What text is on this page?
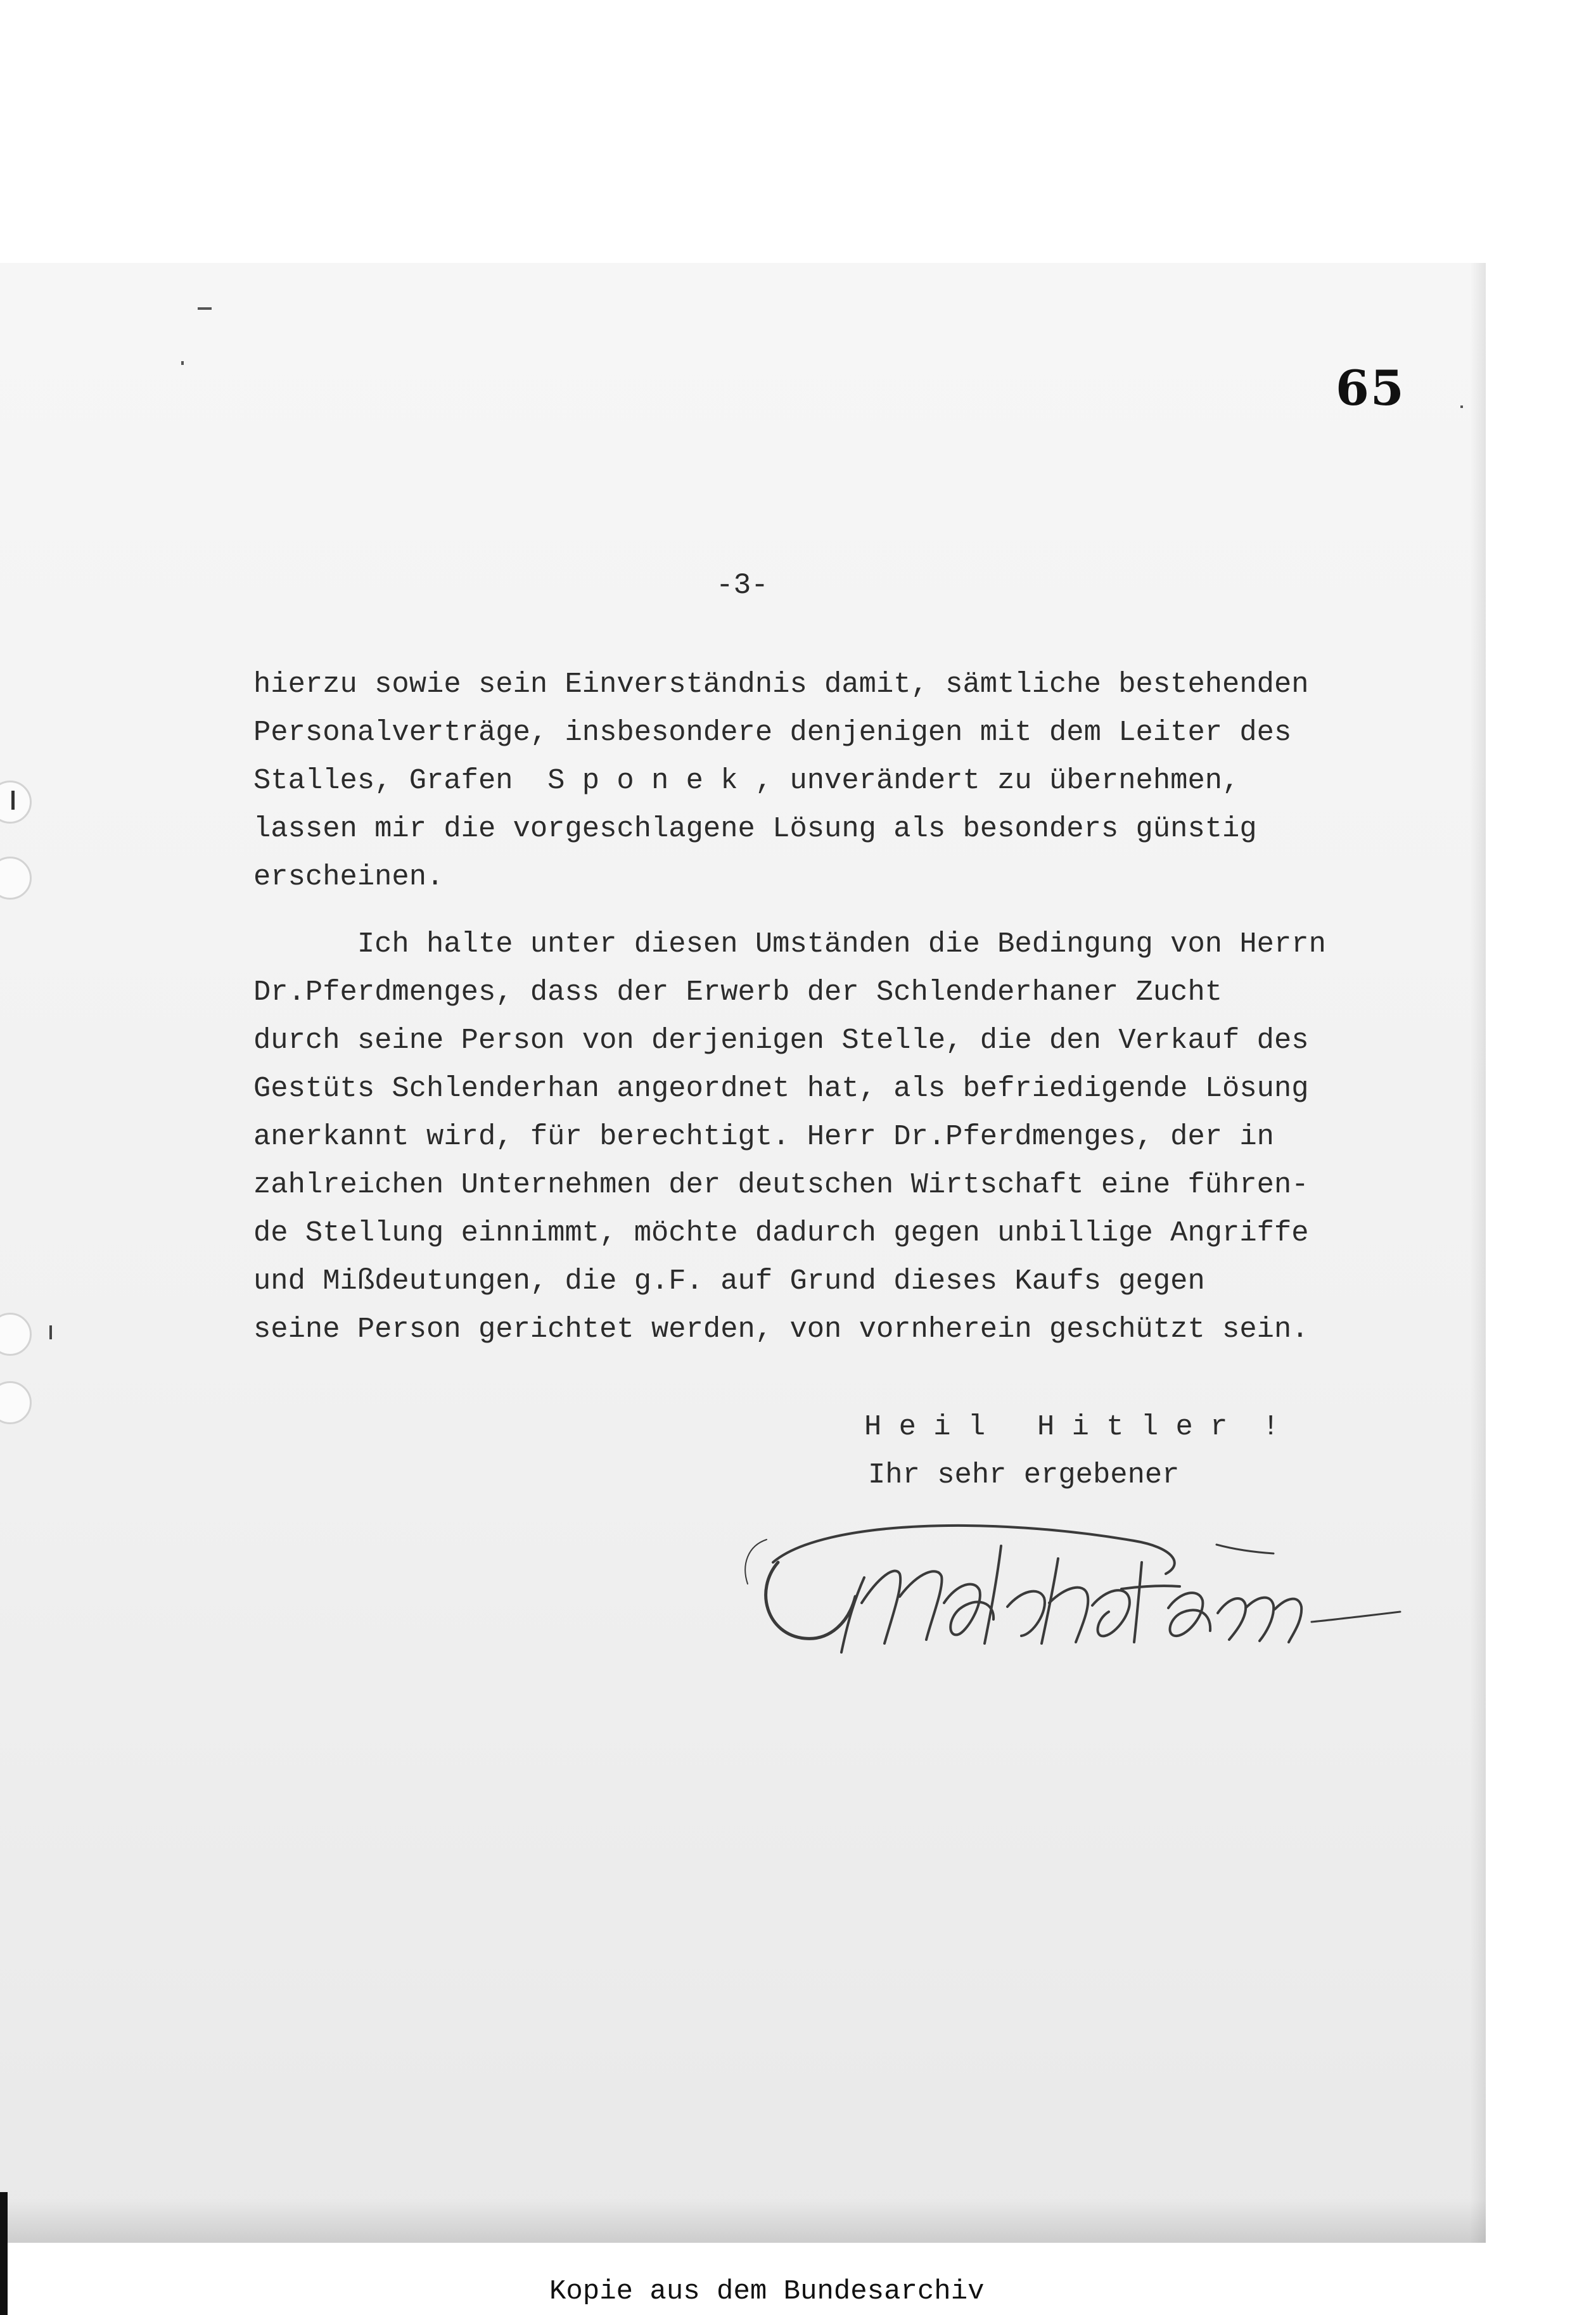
65
-3-
hierzu sowie sein Einverständnis damit, sämtliche bestehenden
Personalverträge, insbesondere denjenigen mit dem Leiter des
Stalles, Grafen  S p o n e k , unverändert zu übernehmen,
lassen mir die vorgeschlagene Lösung als besonders günstig
erscheinen.
Ich halte unter diesen Umständen die Bedingung von Herrn
Dr.Pferdmenges, dass der Erwerb der Schlenderhaner Zucht
durch seine Person von derjenigen Stelle, die den Verkauf des
Gestüts Schlenderhan angeordnet hat, als befriedigende Lösung
anerkannt wird, für berechtigt. Herr Dr.Pferdmenges, der in
zahlreichen Unternehmen der deutschen Wirtschaft eine führen-
de Stellung einnimmt, möchte dadurch gegen unbillige Angriffe
und Mißdeutungen, die g.F. auf Grund dieses Kaufs gegen
seine Person gerichtet werden, von vornherein geschützt sein.
H e i l   H i t l e r  !
Ihr sehr ergebener
Kopie aus dem Bundesarchiv
